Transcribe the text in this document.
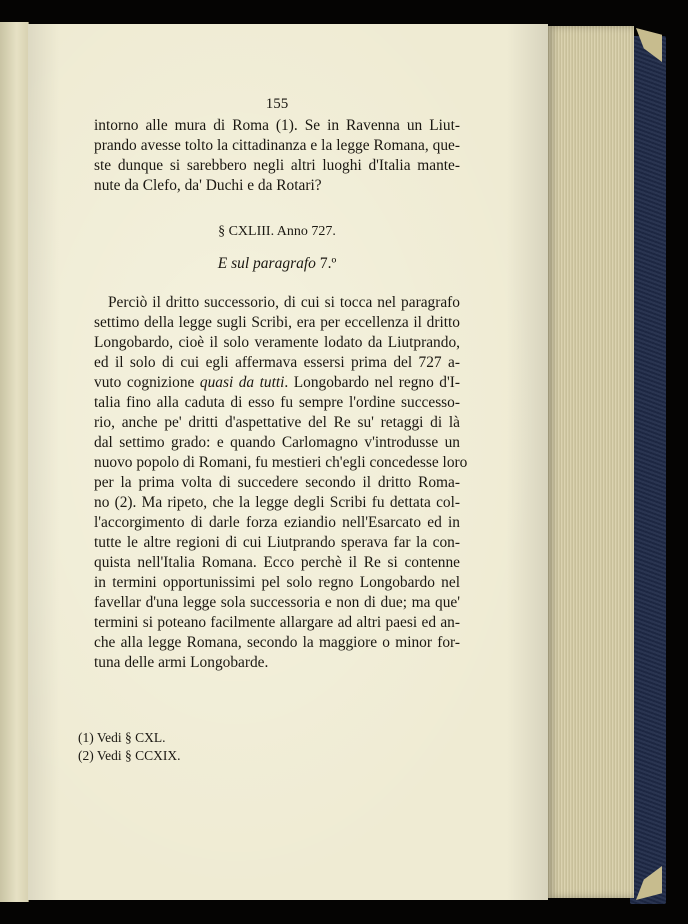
155
intorno alle mura di Roma (1). Se in Ravenna un Liut-
prando avesse tolto la cittadinanza e la legge Romana, que-
ste dunque si sarebbero negli altri luoghi d'Italia mante-
nute da Clefo, da' Duchi e da Rotari?
§ CXLIII. Anno 727.
E sul paragrafo 7.º
Perciò il dritto successorio, di cui si tocca nel paragrafo
settimo della legge sugli Scribi, era per eccellenza il dritto
Longobardo, cioè il solo veramente lodato da Liutprando,
ed il solo di cui egli affermava essersi prima del 727 a-
vuto cognizione quasi da tutti. Longobardo nel regno d'I-
talia fino alla caduta di esso fu sempre l'ordine successo-
rio, anche pe' dritti d'aspettative del Re su' retaggi di là
dal settimo grado: e quando Carlomagno v'introdusse un
nuovo popolo di Romani, fu mestieri ch'egli concedesse loro
per la prima volta di succedere secondo il dritto Roma-
no (2). Ma ripeto, che la legge degli Scribi fu dettata col-
l'accorgimento di darle forza eziandio nell'Esarcato ed in
tutte le altre regioni di cui Liutprando sperava far la con-
quista nell'Italia Romana. Ecco perchè il Re si contenne
in termini opportunissimi pel solo regno Longobardo nel
favellar d'una legge sola successoria e non di due; ma que'
termini si poteano facilmente allargare ad altri paesi ed an-
che alla legge Romana, secondo la maggiore o minor for-
tuna delle armi Longobarde.
(1) Vedi § CXL.
(2) Vedi § CCXIX.
